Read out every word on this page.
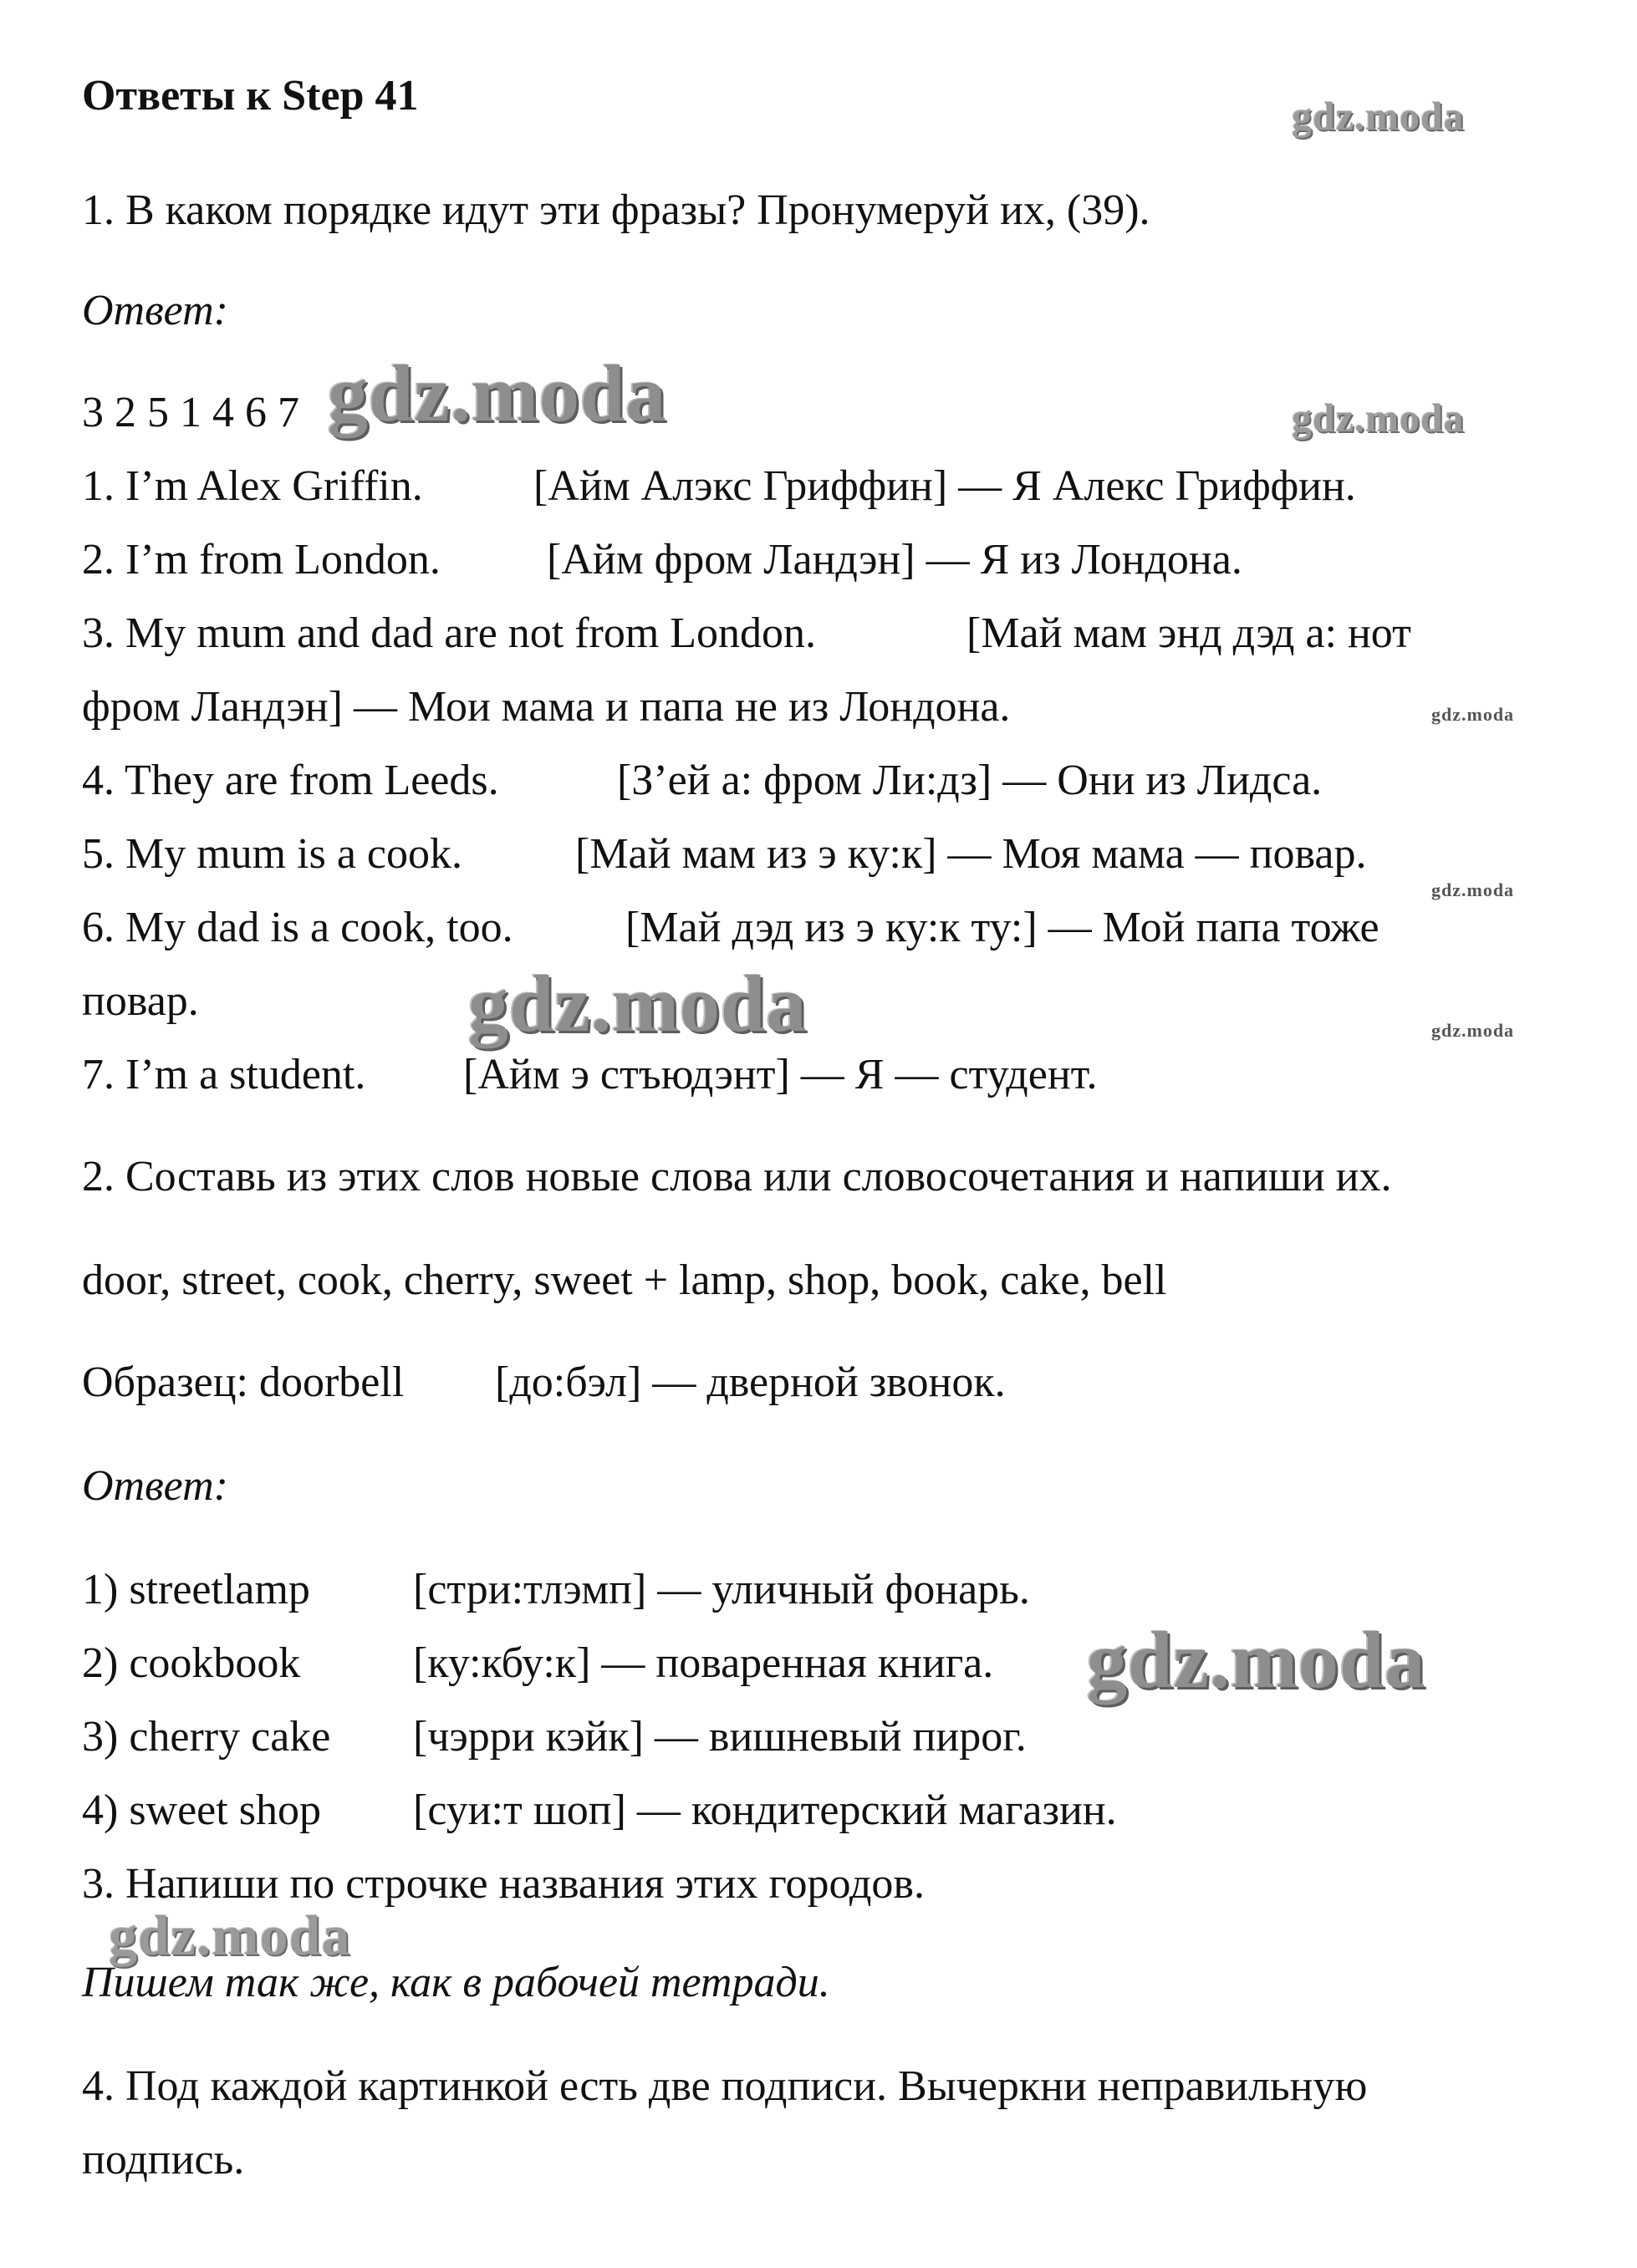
gdz.moda
gdz.moda	gdz.moda
gdz.moda
gdz.moda
gdz.moda	gdz.moda
gdz.moda
gdz.moda
Ответы к Step 41
1. В каком порядке идут эти фразы? Пронумеруй их, (39).
Ответ:
3 2 5 1 4 6 7
1. I’m Alex Griffin.	[Айм Алэкс Гриффин] — Я Алекс Гриффин.
2. I’m from London. [Айм фром Ландэн] — Я из Лондона.
3. My mum and dad are not from London.	[Май мам энд дэд а: нот
фром Ландэн] — Мои мама и папа не из Лондона.
4. They are from Leeds.	[З’ей а: фром Ли:дз] — Они из Лидса.
5. My mum is a cook.	[Май мам из э ку:к] — Моя мама — повар.
6. My dad is a cook, too.	[Май дэд из э ку:к ту:] — Мой папа тоже
повар.
7. I’m a student. [Айм э стъюдэнт] — Я — студент.
2. Составь из этих слов новые слова или словосочетания и напиши их.
door, street, cook, cherry, sweet + lamp, shop, book, cake, bell
Образец: doorbell [до:бэл] — дверной звонок.
Ответ:
1) streetlamp [стри:тлэмп] — уличный фонарь.
2) cookbook	[ку:кбу:к] — поваренная книга.
3) cherry cake [чэрри кэйк] — вишневый пирог.
4) sweet shop [суи:т шоп] — кондитерский магазин.
3. Напиши по строчке названия этих городов.
Пишем так же, как в рабочей тетради.
4. Под каждой картинкой есть две подписи. Вычеркни неправильную
подпись.
